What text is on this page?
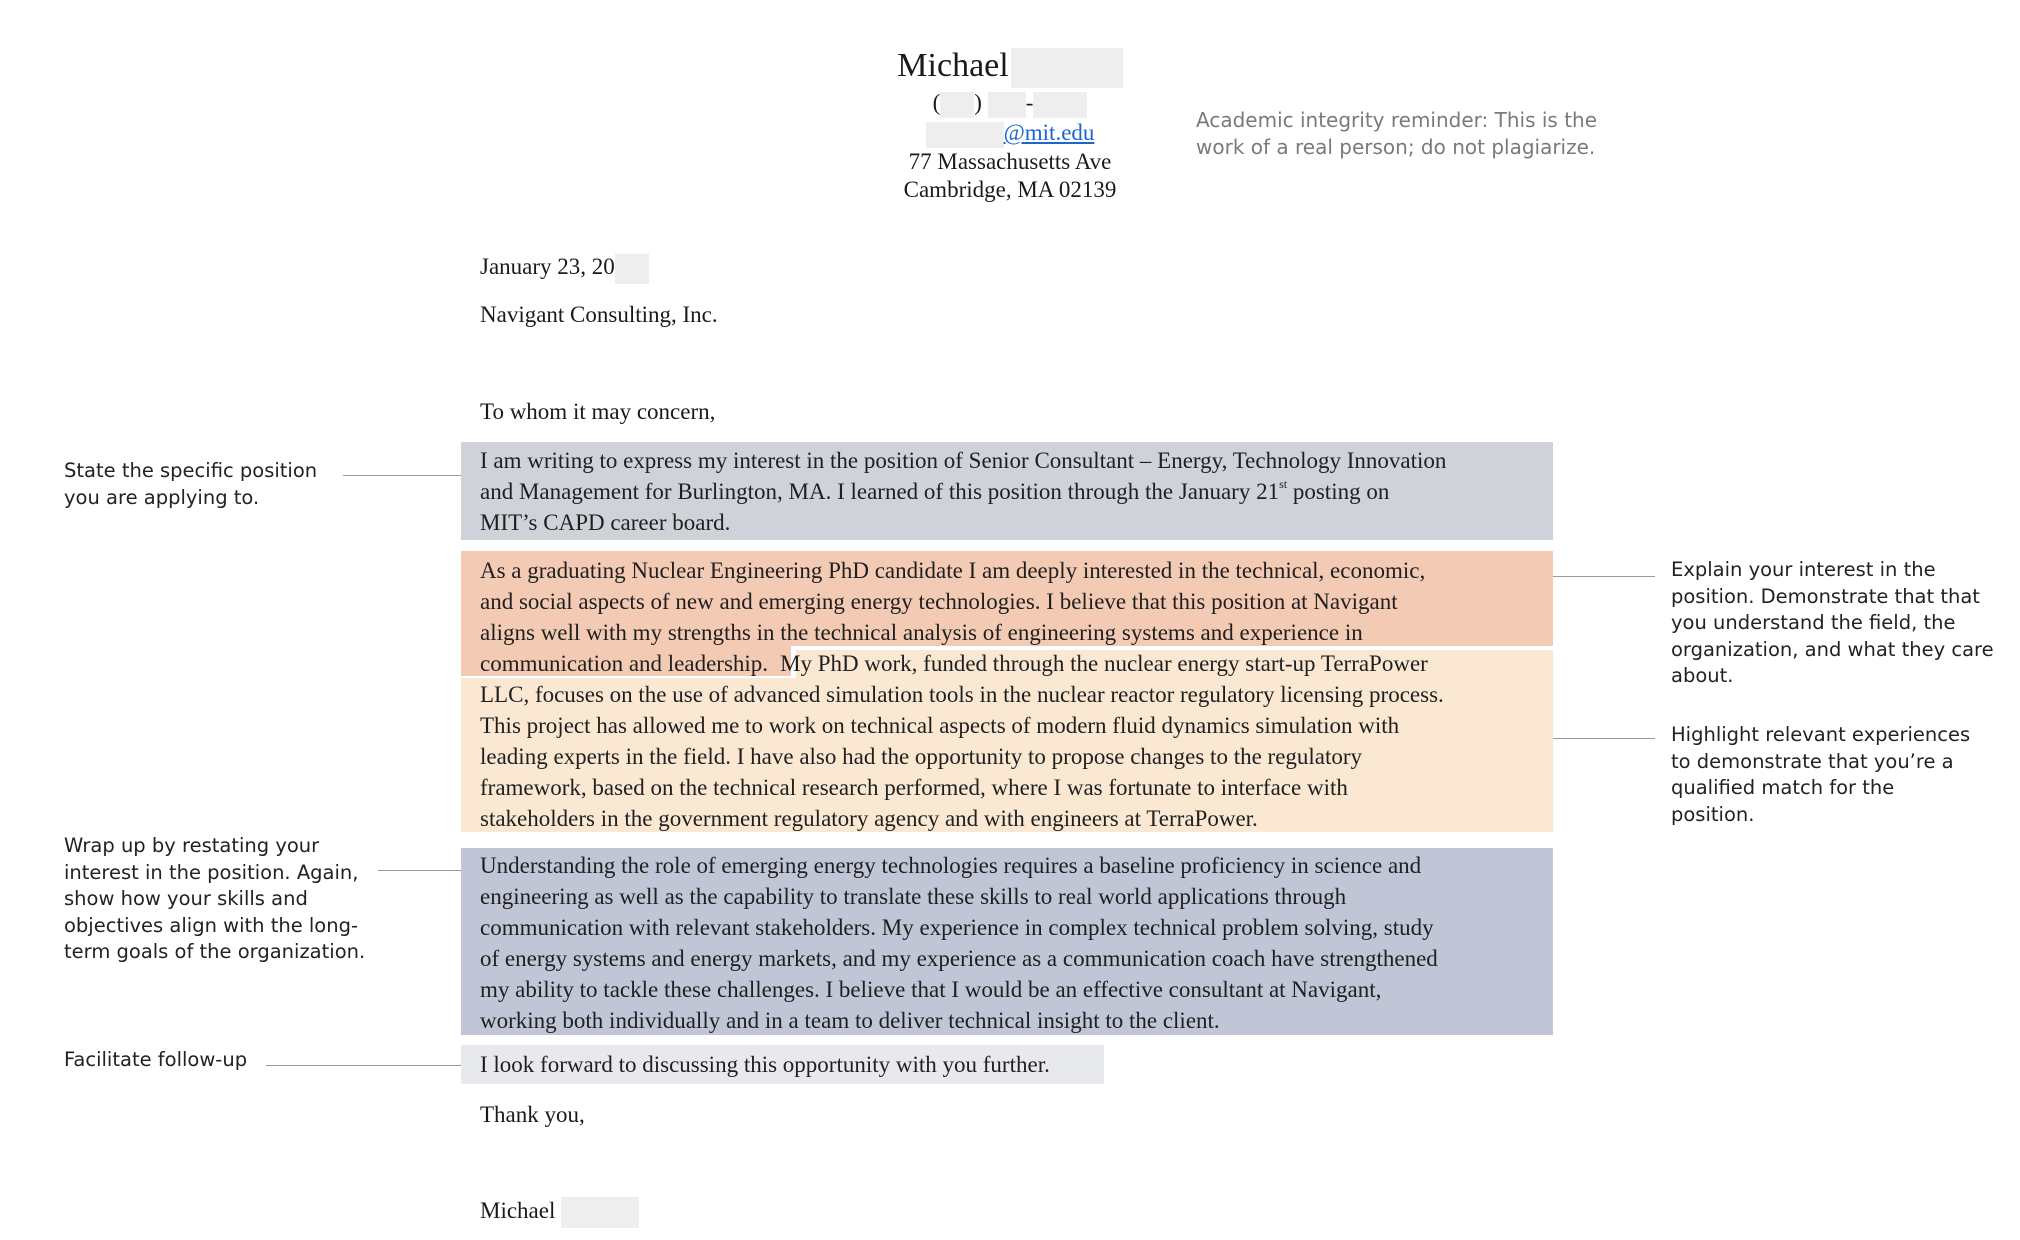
Michael
( ) -
@mit.edu
77 Massachusetts Ave
Cambridge, MA 02139
Academic integrity reminder: This is the
work of a real person; do not plagiarize.
January 23, 20
Navigant Consulting, Inc.
To whom it may concern,
I am writing to express my interest in the position of Senior Consultant – Energy, Technology Innovation
and Management for Burlington, MA. I learned of this position through the January 21st posting on
MIT’s CAPD career board.
As a graduating Nuclear Engineering PhD candidate I am deeply interested in the technical, economic,
and social aspects of new and emerging energy technologies. I believe that this position at Navigant
aligns well with my strengths in the technical analysis of engineering systems and experience in
communication and leadership. My PhD work, funded through the nuclear energy start-up TerraPower
LLC, focuses on the use of advanced simulation tools in the nuclear reactor regulatory licensing process.
This project has allowed me to work on technical aspects of modern fluid dynamics simulation with
leading experts in the field. I have also had the opportunity to propose changes to the regulatory
framework, based on the technical research performed, where I was fortunate to interface with
stakeholders in the government regulatory agency and with engineers at TerraPower.
Understanding the role of emerging energy technologies requires a baseline proficiency in science and
engineering as well as the capability to translate these skills to real world applications through
communication with relevant stakeholders. My experience in complex technical problem solving, study
of energy systems and energy markets, and my experience as a communication coach have strengthened
my ability to tackle these challenges. I believe that I would be an effective consultant at Navigant,
working both individually and in a team to deliver technical insight to the client.
I look forward to discussing this opportunity with you further.
Thank you,
Michael
State the specific position
you are applying to.
Wrap up by restating your
interest in the position. Again,
show how your skills and
objectives align with the long-
term goals of the organization.
Facilitate follow-up
Explain your interest in the
position. Demonstrate that that
you understand the field, the
organization, and what they care
about.
Highlight relevant experiences
to demonstrate that you’re a
qualified match for the
position.
